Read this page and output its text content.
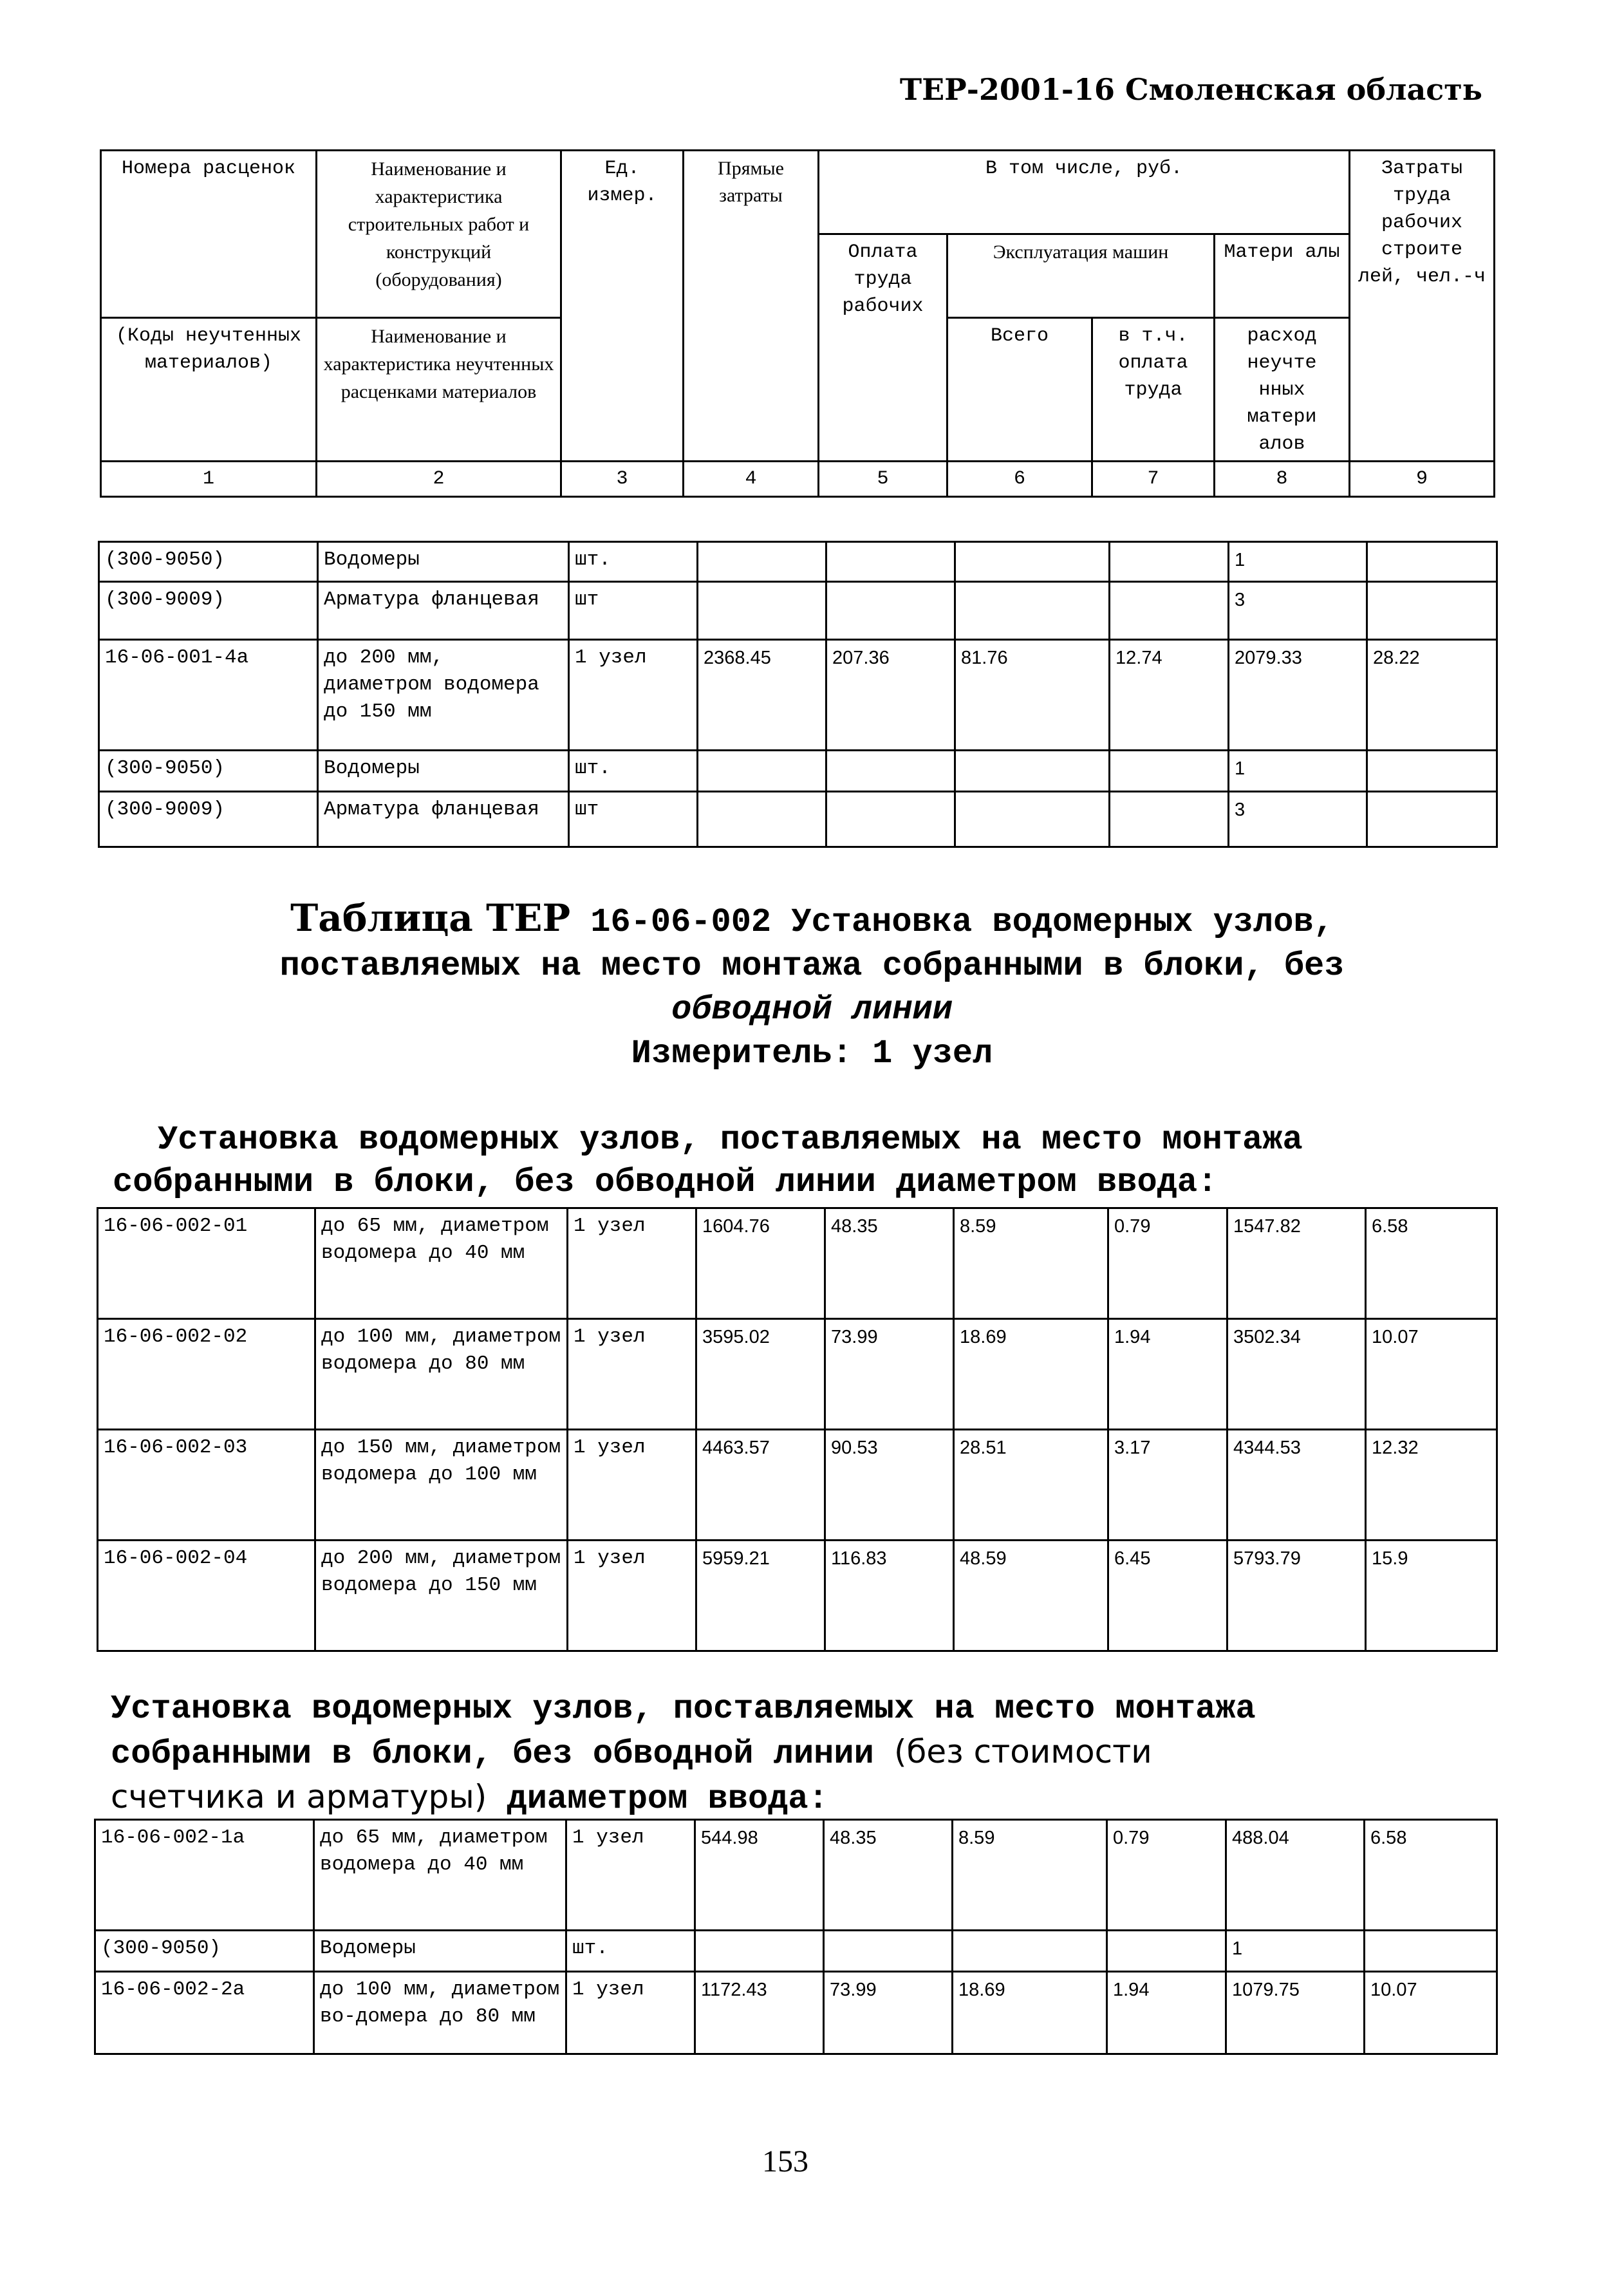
ТЕР-2001-16 Смоленская область
Номера расценок	Наименование и характеристика строительных работ и конструкций (оборудования)	Ед. измер.	Прямые затраты	В том числе, руб.				Затраты труда рабочих строите лей, чел.-ч
				Оплата труда рабочих	Эксплуатация машин		Матери алы	
(Коды неучтенных материалов)	Наименование и характеристика неучтенных расценками материалов				Всего	в т.ч. оплата труда	расход неучте нных матери алов	
1	2	3	4	5	6	7	8	9
(300-9050)	Водомеры	шт.					1	
(300-9009)	Арматура фланцевая	шт					3	
16-06-001-4а	до 200 мм, диаметром водомера до 150 мм	1 узел	2368.45	207.36	81.76	12.74	2079.33	28.22
(300-9050)	Водомеры	шт.					1	
(300-9009)	Арматура фланцевая	шт					3	
Таблица ТЕР 16-06-002 Установка водомерных узлов,
поставляемых на место монтажа собранными в блоки, без
обводной линии
Измеритель: 1 узел
Установка водомерных узлов, поставляемых на место монтажа
собранными в блоки, без обводной линии диаметром ввода:
16-06-002-01	до 65 мм, диаметром водомера до 40 мм	1 узел	1604.76	48.35	8.59	0.79	1547.82	6.58
16-06-002-02	до 100 мм, диаметром водомера до 80 мм	1 узел	3595.02	73.99	18.69	1.94	3502.34	10.07
16-06-002-03	до 150 мм, диаметром водомера до 100 мм	1 узел	4463.57	90.53	28.51	3.17	4344.53	12.32
16-06-002-04	до 200 мм, диаметром водомера до 150 мм	1 узел	5959.21	116.83	48.59	6.45	5793.79	15.9
Установка водомерных узлов, поставляемых на место монтажа
собранными в блоки, без обводной линии (без стоимости
счетчика и арматуры) диаметром ввода:
16-06-002-1а	до 65 мм, диаметром водомера до 40 мм	1 узел	544.98	48.35	8.59	0.79	488.04	6.58
(300-9050)	Водомеры	шт.					1	
16-06-002-2а	до 100 мм, диаметром во-домера до 80 мм	1 узел	1172.43	73.99	18.69	1.94	1079.75	10.07
153
